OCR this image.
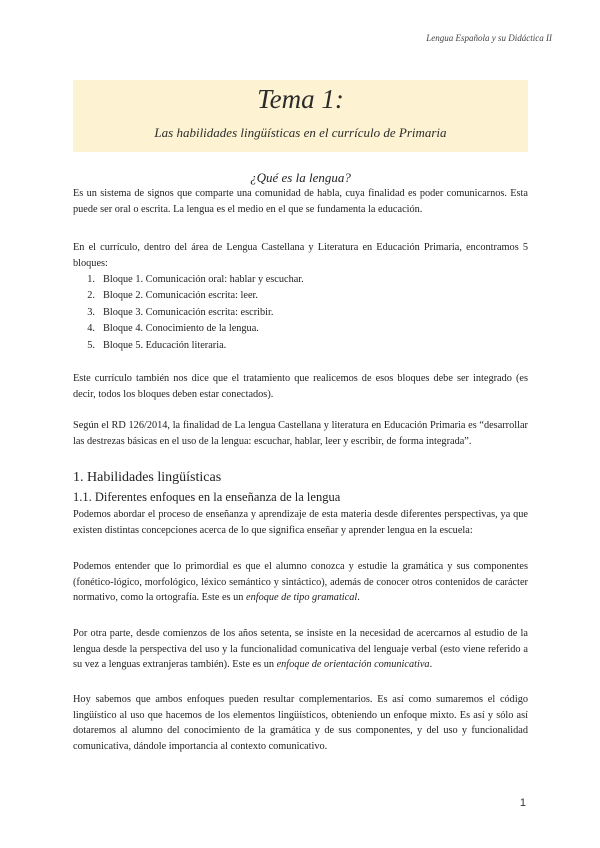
Lengua Española y su Didáctica II
Tema 1:
Las habilidades lingüísticas en el currículo de Primaria
¿Qué es la lengua?
Es un sistema de signos que comparte una comunidad de habla, cuya finalidad es poder comunicarnos. Esta puede ser oral o escrita. La lengua es el medio en el que se fundamenta la educación.
En el currículo, dentro del área de Lengua Castellana y Literatura en Educación Primaria, encontramos 5 bloques:
1. Bloque 1. Comunicación oral: hablar y escuchar.
2. Bloque 2. Comunicación escrita: leer.
3. Bloque 3. Comunicación escrita: escribir.
4. Bloque 4. Conocimiento de la lengua.
5. Bloque 5. Educación literaria.
Este currículo también nos dice que el tratamiento que realicemos de esos bloques debe ser integrado (es decir, todos los bloques deben estar conectados).
Según el RD 126/2014, la finalidad de La lengua Castellana y literatura en Educación Primaria es “desarrollar las destrezas básicas en el uso de la lengua: escuchar, hablar, leer y escribir, de forma integrada”.
1. Habilidades lingüísticas
1.1. Diferentes enfoques en la enseñanza de la lengua
Podemos abordar el proceso de enseñanza y aprendizaje de esta materia desde diferentes perspectivas, ya que existen distintas concepciones acerca de lo que significa enseñar y aprender lengua en la escuela:
Podemos entender que lo primordial es que el alumno conozca y estudie la gramática y sus componentes (fonético-lógico, morfológico, léxico semántico y sintáctico), además de conocer otros contenidos de carácter normativo, como la ortografía. Este es un enfoque de tipo gramatical.
Por otra parte, desde comienzos de los años setenta, se insiste en la necesidad de acercarnos al estudio de la lengua desde la perspectiva del uso y la funcionalidad comunicativa del lenguaje verbal (esto viene referido a su vez a lenguas extranjeras también). Este es un enfoque de orientación comunicativa.
Hoy sabemos que ambos enfoques pueden resultar complementarios. Es así como sumaremos el código lingüístico al uso que hacemos de los elementos lingüísticos, obteniendo un enfoque mixto. Es así y sólo así dotaremos al alumno del conocimiento de la gramática y de sus componentes, y del uso y funcionalidad comunicativa, dándole importancia al contexto comunicativo.
1
